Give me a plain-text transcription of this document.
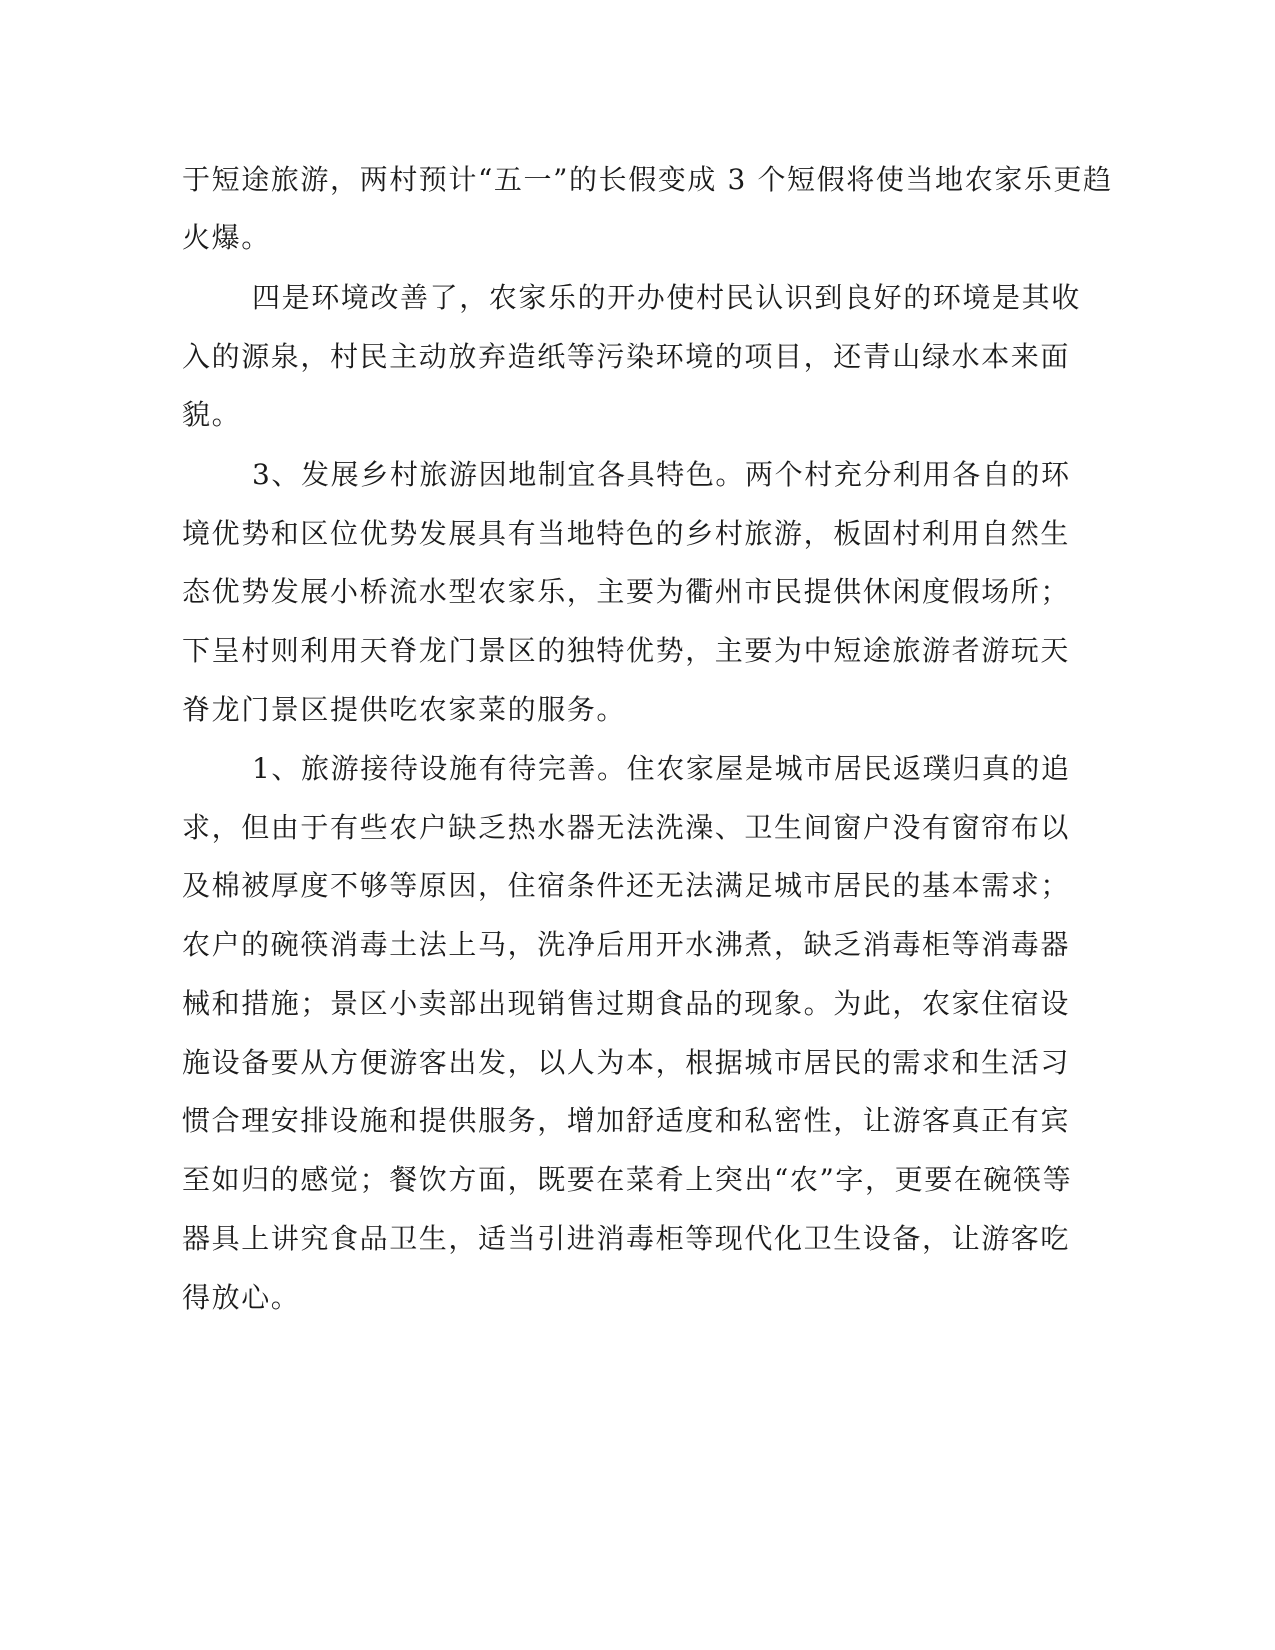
于短途旅游，两村预计“五一”的长假变成 3 个短假将使当地农家乐更趋
火爆。
四是环境改善了，农家乐的开办使村民认识到良好的环境是其收
入的源泉，村民主动放弃造纸等污染环境的项目，还青山绿水本来面
貌。
3、发展乡村旅游因地制宜各具特色。两个村充分利用各自的环
境优势和区位优势发展具有当地特色的乡村旅游，板固村利用自然生
态优势发展小桥流水型农家乐，主要为衢州市民提供休闲度假场所；
下呈村则利用天脊龙门景区的独特优势，主要为中短途旅游者游玩天
脊龙门景区提供吃农家菜的服务。
1、旅游接待设施有待完善。住农家屋是城市居民返璞归真的追
求，但由于有些农户缺乏热水器无法洗澡、卫生间窗户没有窗帘布以
及棉被厚度不够等原因，住宿条件还无法满足城市居民的基本需求；
农户的碗筷消毒土法上马，洗净后用开水沸煮，缺乏消毒柜等消毒器
械和措施；景区小卖部出现销售过期食品的现象。为此，农家住宿设
施设备要从方便游客出发，以人为本，根据城市居民的需求和生活习
惯合理安排设施和提供服务，增加舒适度和私密性，让游客真正有宾
至如归的感觉；餐饮方面，既要在菜肴上突出“农”字，更要在碗筷等
器具上讲究食品卫生，适当引进消毒柜等现代化卫生设备，让游客吃
得放心。
